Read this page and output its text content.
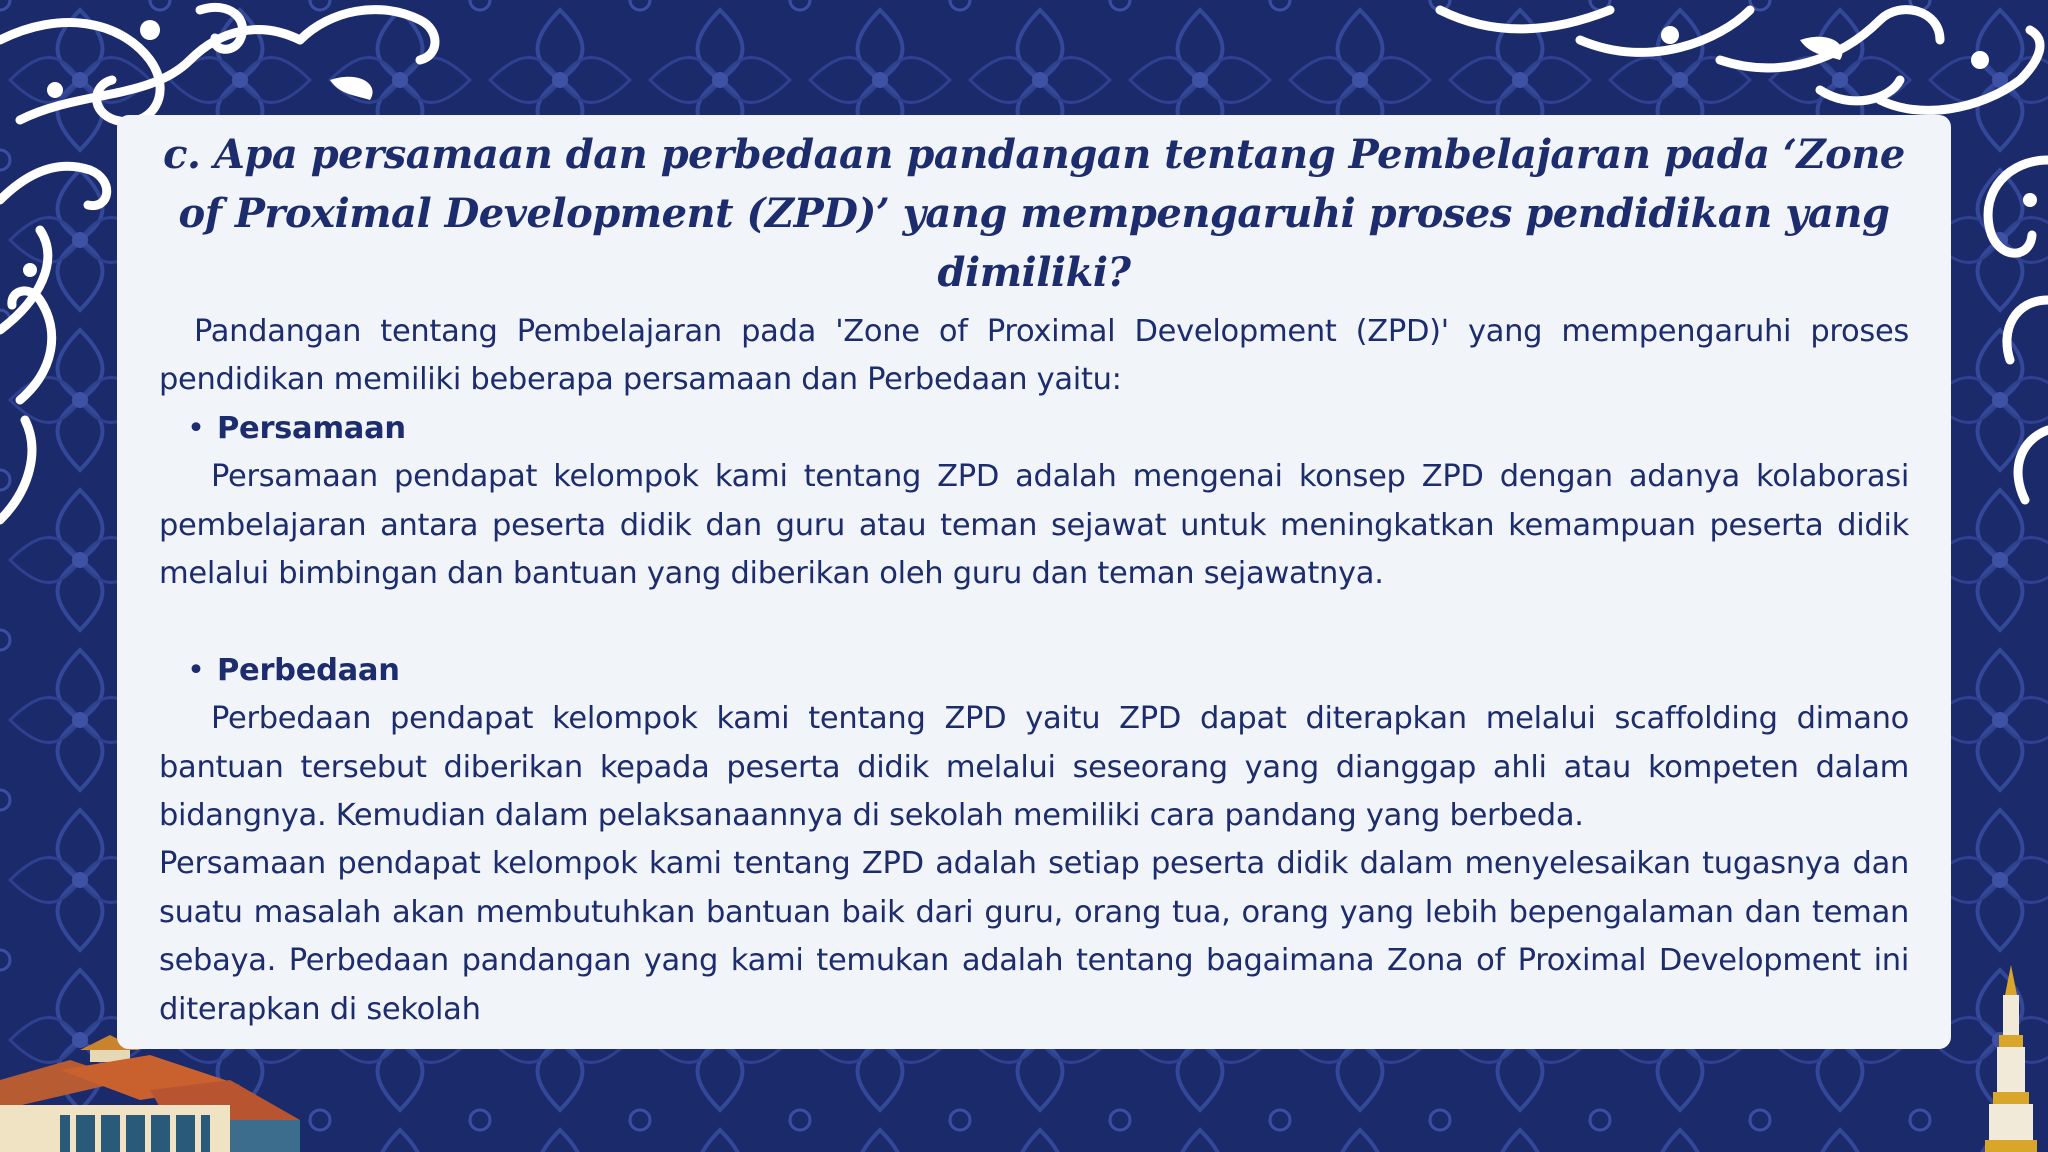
c. Apa persamaan dan perbedaan pandangan tentang Pembelajaran pada ‘Zone of Proximal Development (ZPD)’ yang mempengaruhi proses pendidikan yang dimiliki?

Pandangan tentang Pembelajaran pada 'Zone of Proximal Development (ZPD)' yang mempengaruhi proses pendidikan memiliki beberapa persamaan dan Perbedaan yaitu:

• Persamaan

Persamaan pendapat kelompok kami tentang ZPD adalah mengenai konsep ZPD dengan adanya kolaborasi pembelajaran antara peserta didik dan guru atau teman sejawat untuk meningkatkan kemampuan peserta didik melalui bimbingan dan bantuan yang diberikan oleh guru dan teman sejawatnya.

• Perbedaan

Perbedaan pendapat kelompok kami tentang ZPD yaitu ZPD dapat diterapkan melalui scaffolding dimano bantuan tersebut diberikan kepada peserta didik melalui seseorang yang dianggap ahli atau kompeten dalam bidangnya. Kemudian dalam pelaksanaannya di sekolah memiliki cara pandang yang berbeda.

Persamaan pendapat kelompok kami tentang ZPD adalah setiap peserta didik dalam menyelesaikan tugasnya dan suatu masalah akan membutuhkan bantuan baik dari guru, orang tua, orang yang lebih bepengalaman dan teman sebaya. Perbedaan pandangan yang kami temukan adalah tentang bagaimana Zona of Proximal Development ini diterapkan di sekolah
